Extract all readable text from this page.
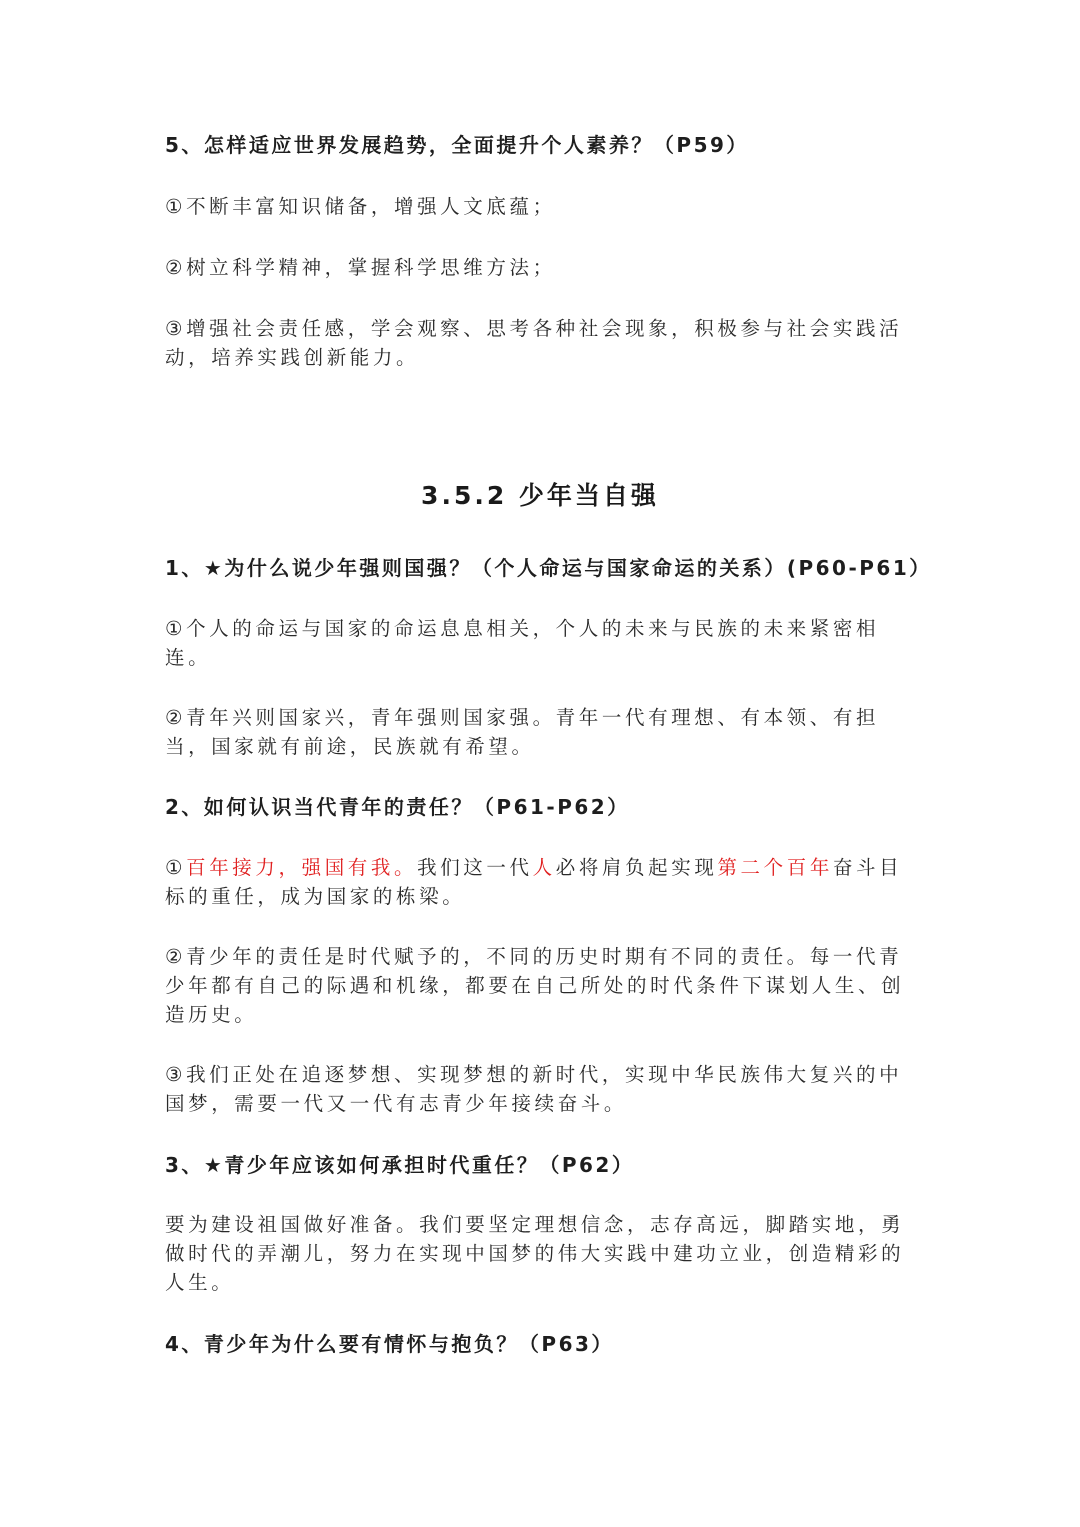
5、怎样适应世界发展趋势，全面提升个人素养？（P59）
①不断丰富知识储备，增强人文底蕴；
②树立科学精神，掌握科学思维方法；
③增强社会责任感，学会观察、思考各种社会现象，积极参与社会实践活动，培养实践创新能力。
3.5.2 少年当自强
1、★为什么说少年强则国强？（个人命运与国家命运的关系）(P60-P61）
①个人的命运与国家的命运息息相关，个人的未来与民族的未来紧密相连。
②青年兴则国家兴，青年强则国家强。青年一代有理想、有本领、有担当，国家就有前途，民族就有希望。
2、如何认识当代青年的责任？（P61-P62）
①百年接力，强国有我。我们这一代人必将肩负起实现第二个百年奋斗目标的重任，成为国家的栋梁。
②青少年的责任是时代赋予的，不同的历史时期有不同的责任。每一代青少年都有自己的际遇和机缘，都要在自己所处的时代条件下谋划人生、创造历史。
③我们正处在追逐梦想、实现梦想的新时代，实现中华民族伟大复兴的中国梦，需要一代又一代有志青少年接续奋斗。
3、★青少年应该如何承担时代重任？（P62）
要为建设祖国做好准备。我们要坚定理想信念，志存高远，脚踏实地，勇做时代的弄潮儿，努力在实现中国梦的伟大实践中建功立业，创造精彩的人生。
4、青少年为什么要有情怀与抱负？（P63）
